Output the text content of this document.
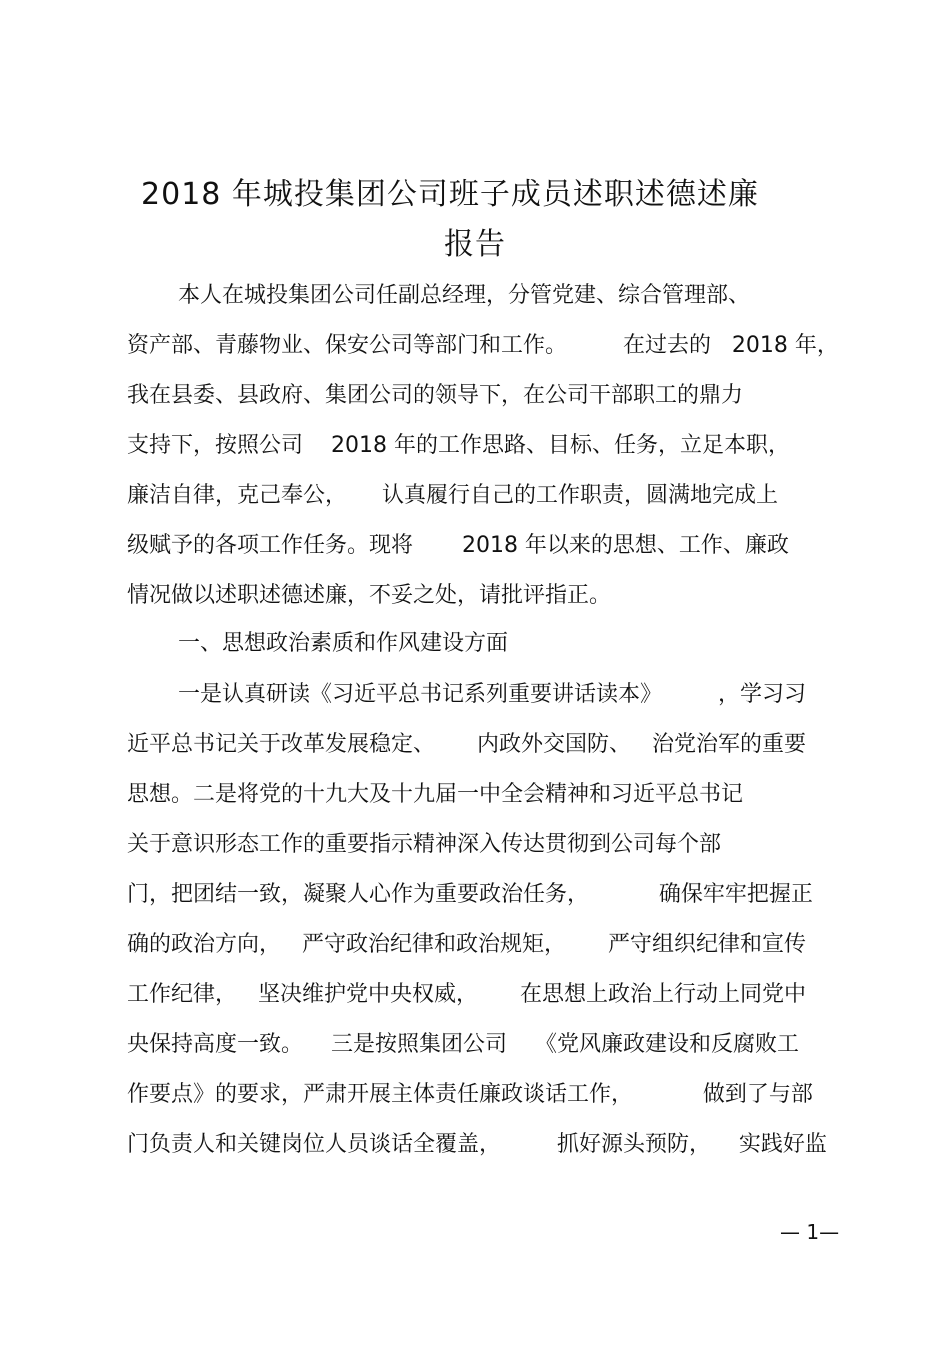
2018 年城投集团公司班子成员述职述德述廉
报告
本人在城投集团公司任副总经理，分管党建、综合管理部、
资产部、青藤物业、保安公司等部门和工作。        在过去的   2018 年，
我在县委、县政府、集团公司的领导下，在公司干部职工的鼎力
支持下，按照公司    2018 年的工作思路、目标、任务，立足本职，
廉洁自律，克己奉公，     认真履行自己的工作职责，圆满地完成上
级赋予的各项工作任务。现将       2018 年以来的思想、工作、廉政
情况做以述职述德述廉，不妥之处，请批评指正。
一、思想政治素质和作风建设方面
一是认真研读《习近平总书记系列重要讲话读本》        ，学习习
近平总书记关于改革发展稳定、      内政外交国防、   治党治军的重要
思想。二是将党的十九大及十九届一中全会精神和习近平总书记
关于意识形态工作的重要指示精神深入传达贯彻到公司每个部
门，把团结一致，凝聚人心作为重要政治任务，          确保牢牢把握正
确的政治方向，   严守政治纪律和政治规矩，      严守组织纪律和宣传
工作纪律，   坚决维护党中央权威，      在思想上政治上行动上同党中
央保持高度一致。    三是按照集团公司    《党风廉政建设和反腐败工
作要点》的要求，严肃开展主体责任廉政谈话工作，          做到了与部
门负责人和关键岗位人员谈话全覆盖，        抓好源头预防，    实践好监
— 1—
